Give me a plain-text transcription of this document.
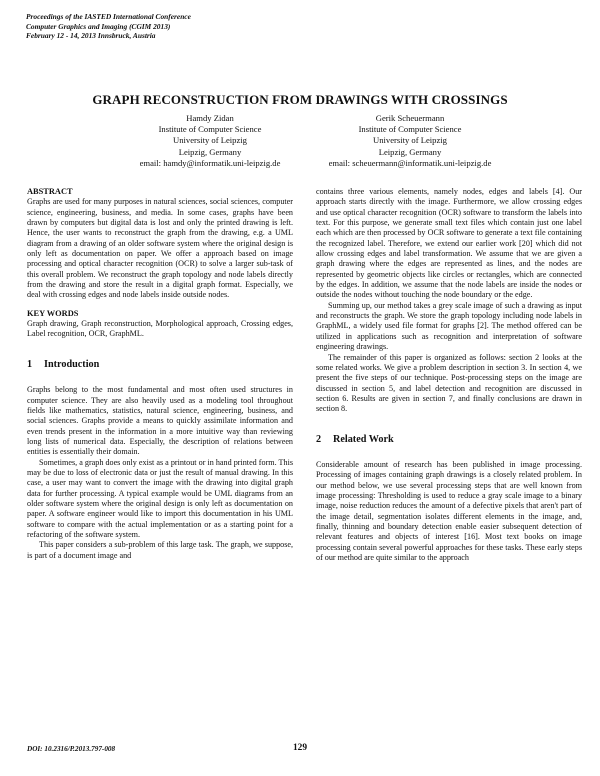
Proceedings of the IASTED International Conference
Computer Graphics and Imaging (CGIM 2013)
February 12 - 14, 2013 Innsbruck, Austria
GRAPH RECONSTRUCTION FROM DRAWINGS WITH CROSSINGS
Hamdy Zidan
Institute of Computer Science
University of Leipzig
Leipzig, Germany
email: hamdy@informatik.uni-leipzig.de
Gerik Scheuermann
Institute of Computer Science
University of Leipzig
Leipzig, Germany
email: scheuermann@informatik.uni-leipzig.de
ABSTRACT

Graphs are used for many purposes in natural sciences, social sciences, computer science, engineering, business, and media. In some cases, graphs have been drawn by computers but digital data is lost and only the printed drawing is left. Hence, the user wants to reconstruct the graph from the drawing, e.g. a UML diagram from a drawing of an older software system where the original design is only left as documentation on paper. We offer a approach based on image processing and optical character recognition (OCR) to solve a larger sub-task of this overall problem. We reconstruct the graph topology and node labels directly from the drawing and store the result in a digital graph format. Especially, we deal with crossing edges and node labels inside outside nodes.

KEY WORDS

Graph drawing, Graph reconstruction, Morphological approach, Crossing edges, Label recognition, OCR, GraphML.

1 Introduction

Graphs belong to the most fundamental and most often used structures in computer science. They are also heavily used as a modeling tool throughout fields like mathematics, statistics, natural science, engineering, business, and social sciences. Graphs provide a means to quickly assimilate information and even trends present in the information in a more intuitive way than reviewing long lists of numerical data. Especially, the description of relations between entities is essentially their domain.

Sometimes, a graph does only exist as a printout or in hand printed form. This may be due to loss of electronic data or just the result of manual drawing. In this case, a user may want to convert the image with the drawing into digital graph data for further processing. A typical example would be UML diagrams from an older software system where the original design is only left as documentation on paper. A software engineer would like to import this documentation in his UML software to compare with the actual implementation or as a starting point for a refactoring of the software system.

This paper considers a sub-problem of this large task. The graph, we suppose, is part of a document image and

contains three various elements, namely nodes, edges and labels [4]. Our approach starts directly with the image. Furthermore, we allow crossing edges and use optical character recognition (OCR) software to transform the labels into text. For this purpose, we generate small text files which contain just one label each which are then processed by OCR software to generate a text file containing the recognized label. Therefore, we extend our earlier work [20] which did not allow crossing edges and label transformation. We assume that we are given a graph drawing where the edges are represented as lines, and the nodes are represented by geometric objects like circles or rectangles, which are connected by the edges. In addition, we assume that the node labels are inside the nodes or outside the nodes without touching the node boundary or the edge.

Summing up, our method takes a grey scale image of such a drawing as input and reconstructs the graph. We store the graph topology including node labels in GraphML, a widely used file format for graphs [2]. The method offered can be utilized in applications such as recognition and interpretation of software engineering drawings.

The remainder of this paper is organized as follows: section 2 looks at the some related works. We give a problem description in section 3. In section 4, we present the five steps of our technique. Post-processing steps on the image are discussed in section 5, and label detection and recognition are discussed in section 6. Results are given in section 7, and finally conclusions are drawn in section 8.

2 Related Work

Considerable amount of research has been published in image processing. Processing of images containing graph drawings is a closely related problem. In our method below, we use several processing steps that are well known from image processing: Thresholding is used to reduce a gray scale image to a binary image, noise reduction reduces the amount of a defective pixels that aren't part of the image detail, segmentation isolates different elements in the image, and, finally, thinning and boundary detection enable easier subsequent detection of relevant features and objects of interest [16]. Most text books on image processing contain several powerful approaches for these tasks. These early steps of our method are quite similar to the approach

DOI: 10.2316/P.2013.797-008	129
